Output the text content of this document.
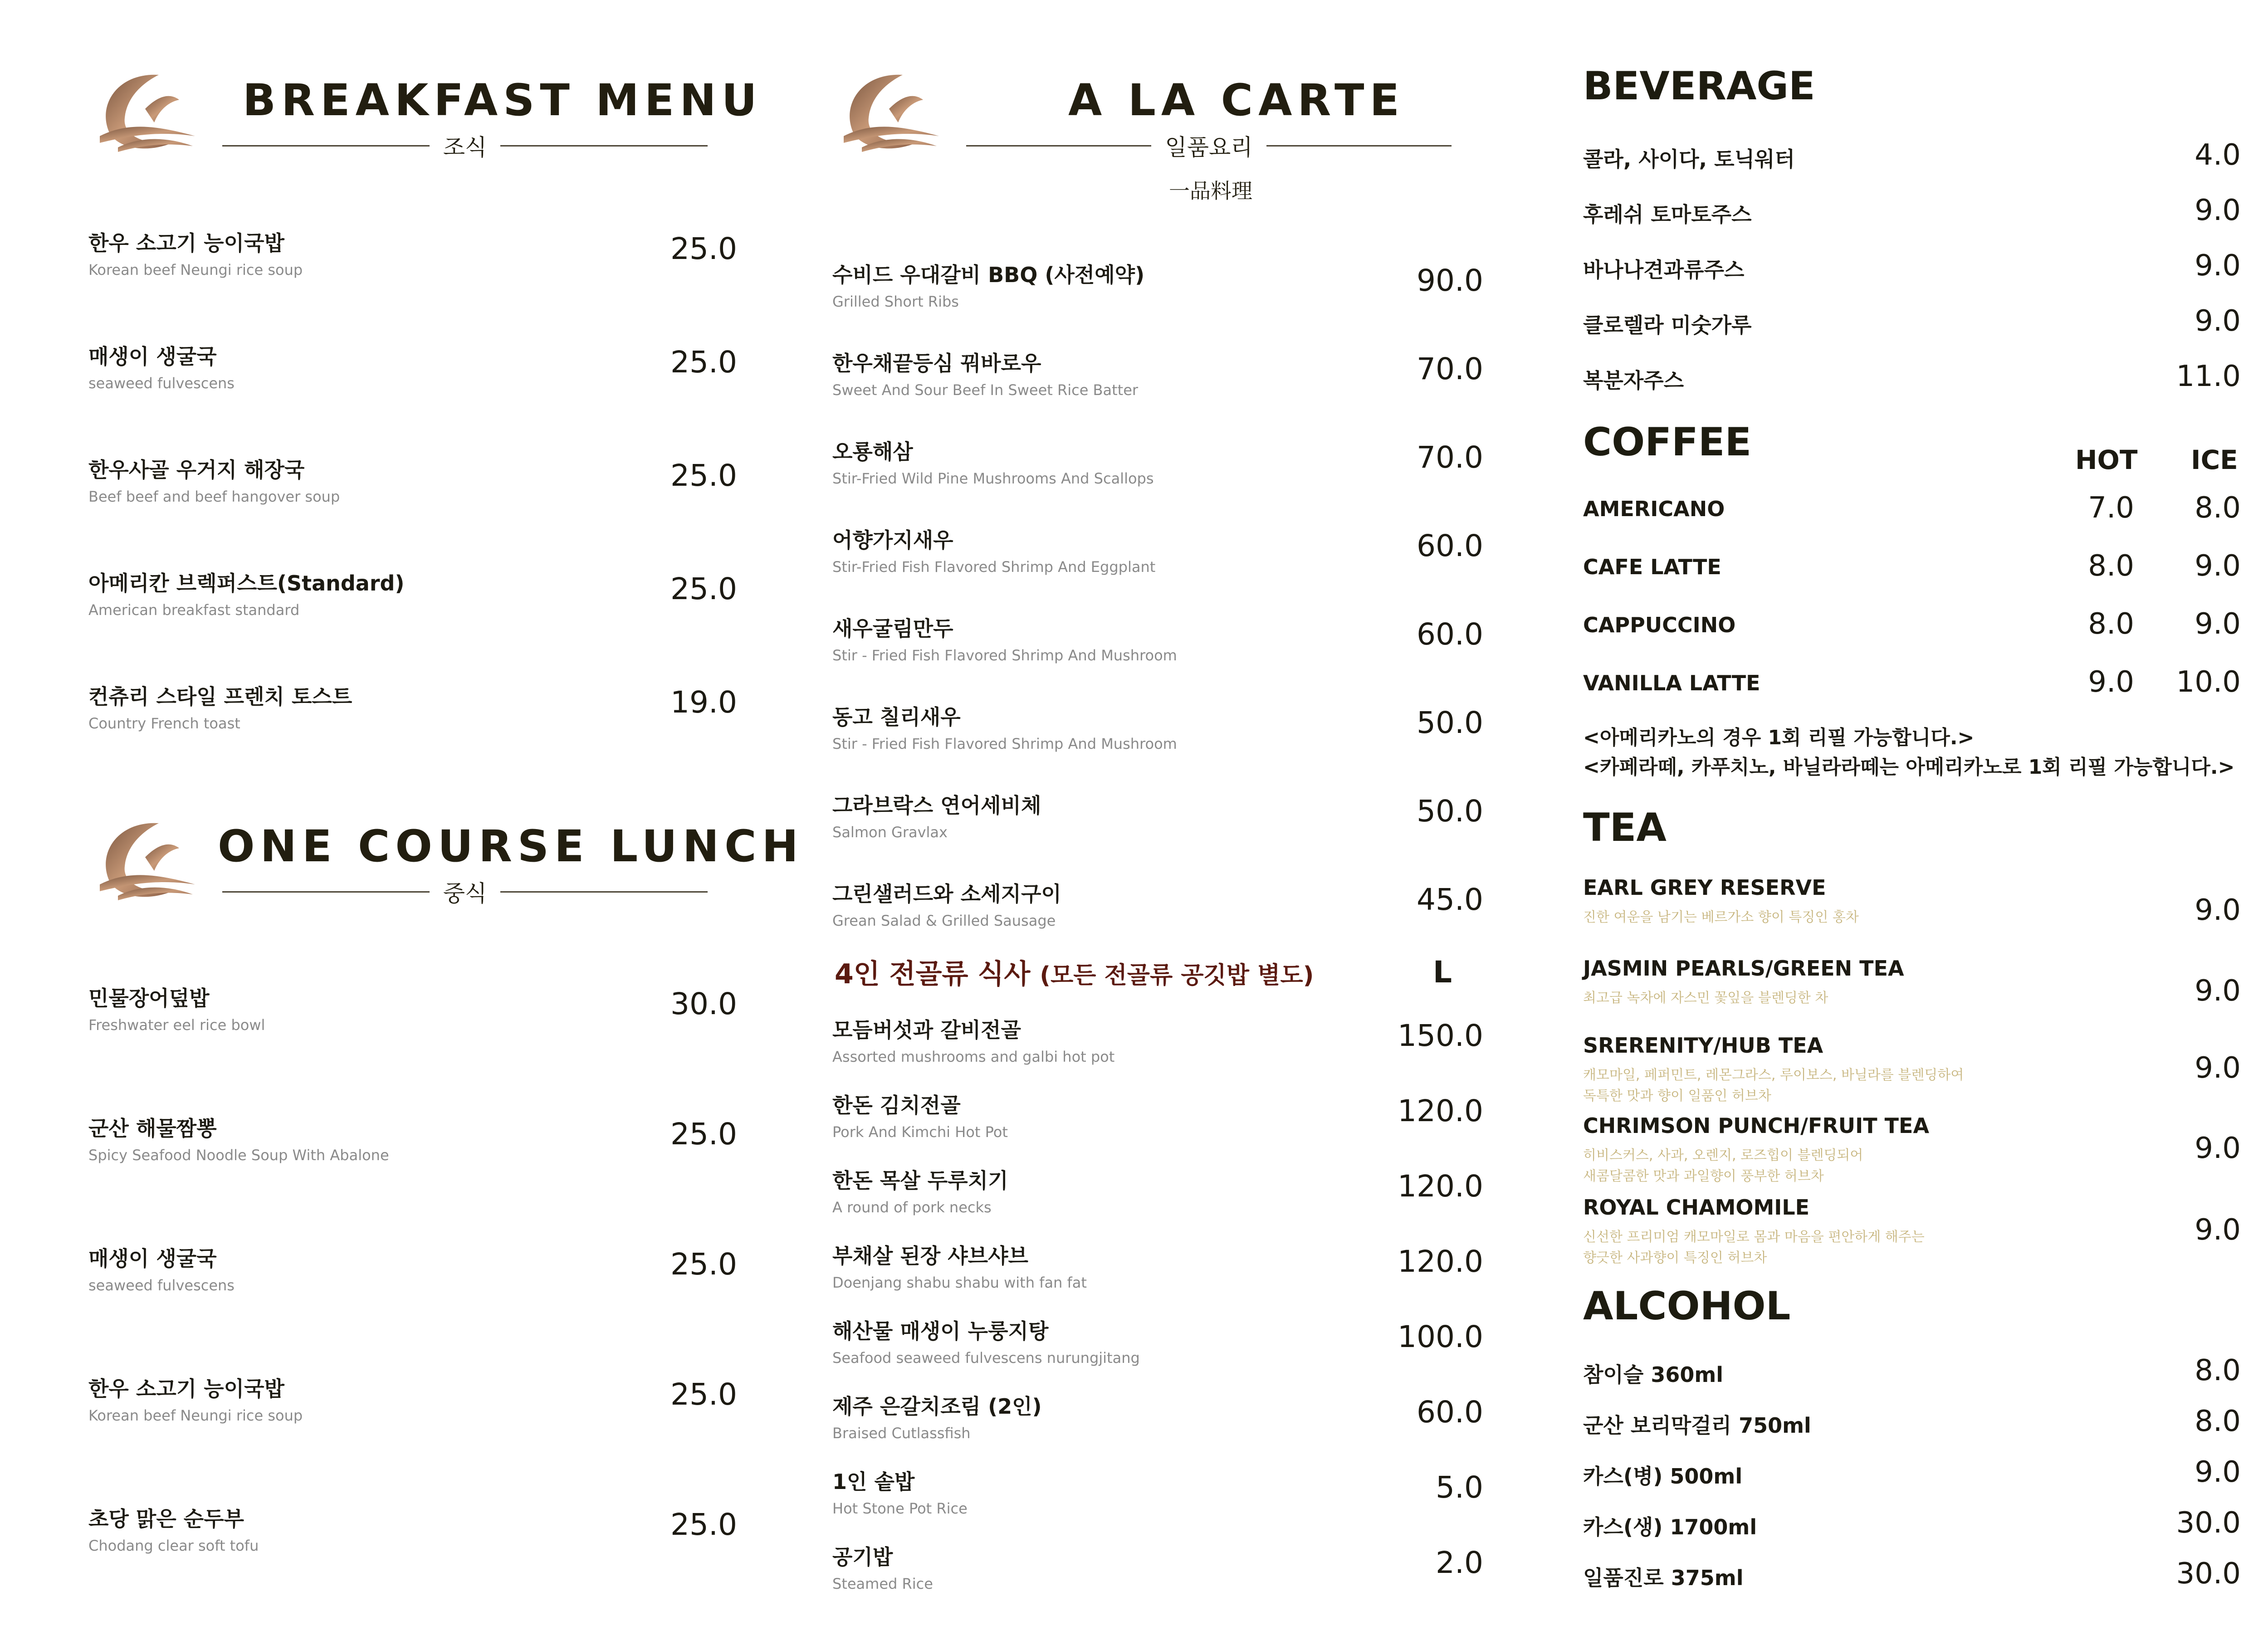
BREAKFAST MENU
조식
ONE COURSE LUNCH
중식
A LA CARTE
일품요리
一品料理
4인 전골류 식사 (모든 전골류 공깃밥 별도)	L
BEVERAGE
COFFEE	HOT ICE
<아메리카노의 경우 1회 리필 가능합니다.>
<카페라떼, 카푸치노, 바닐라라떼는 아메리카노로 1회 리필 가능합니다.>
TEA
ALCOHOL
한우 소고기 능이국밥
Korean beef Neungi rice soup
25.0
매생이 생굴국
seaweed fulvescens
25.0
한우사골 우거지 해장국
Beef beef and beef hangover soup
25.0
아메리칸 브렉퍼스트(Standard)
American breakfast standard
25.0
컨츄리 스타일 프렌치 토스트
Country French toast
19.0
민물장어덮밥
Freshwater eel rice bowl
30.0
군산 해물짬뽕
Spicy Seafood Noodle Soup With Abalone
25.0
매생이 생굴국
seaweed fulvescens
25.0
한우 소고기 능이국밥
Korean beef Neungi rice soup
25.0
초당 맑은 순두부
Chodang clear soft tofu
25.0
수비드 우대갈비 BBQ (사전예약)
Grilled Short Ribs
90.0
한우채끝등심 꿔바로우
Sweet And Sour Beef In Sweet Rice Batter
70.0
오룡해삼
Stir-Fried Wild Pine Mushrooms And Scallops
70.0
어향가지새우
Stir-Fried Fish Flavored Shrimp And Eggplant
60.0
새우굴림만두
Stir - Fried Fish Flavored Shrimp And Mushroom
60.0
동고 칠리새우
Stir - Fried Fish Flavored Shrimp And Mushroom
50.0
그라브락스 연어세비체
Salmon Gravlax
50.0
그린샐러드와 소세지구이
Grean Salad & Grilled Sausage
45.0
모듬버섯과 갈비전골
Assorted mushrooms and galbi hot pot
150.0
한돈 김치전골
Pork And Kimchi Hot Pot
120.0
한돈 목살 두루치기
A round of pork necks
120.0
부채살 된장 샤브샤브
Doenjang shabu shabu with fan fat
120.0
해산물 매생이 누룽지탕
Seafood seaweed fulvescens nurungjitang
100.0
제주 은갈치조림 (2인)
Braised Cutlassfish
60.0
1인 솥밥
Hot Stone Pot Rice
5.0
공기밥
Steamed Rice
2.0
콜라, 사이다, 토닉워터	4.0
후레쉬 토마토주스	9.0
바나나견과류주스	9.0
클로렐라 미숫가루	9.0
복분자주스	11.0
참이슬 360ml	8.0
군산 보리막걸리 750ml	8.0
카스(병) 500ml	9.0
카스(생) 1700ml	30.0
일품진로 375ml	30.0
AMERICANO	7.0	8.0
CAFE LATTE	8.0	9.0
CAPPUCCINO	8.0	9.0
VANILLA LATTE	9.0	10.0
EARL GREY RESERVE
진한 여운을 남기는 베르가소 향이 특징인 홍차	9.0
JASMIN PEARLS/GREEN TEA
최고급 녹차에 자스민 꽃잎을 블렌딩한 차	9.0
SRERENITY/HUB TEA
캐모마일, 페퍼민트, 레몬그라스, 루이보스, 바닐라를 블렌딩하여
독특한 맛과 향이 일품인 허브차
9.0
CHRIMSON PUNCH/FRUIT TEA
히비스커스, 사과, 오렌지, 로즈힙이 블렌딩되어
새콤달콤한 맛과 과일향이 풍부한 허브차
9.0
ROYAL CHAMOMILE
신선한 프리미엄 캐모마일로 몸과 마음을 편안하게 해주는
향긋한 사과향이 특징인 허브차
9.0
